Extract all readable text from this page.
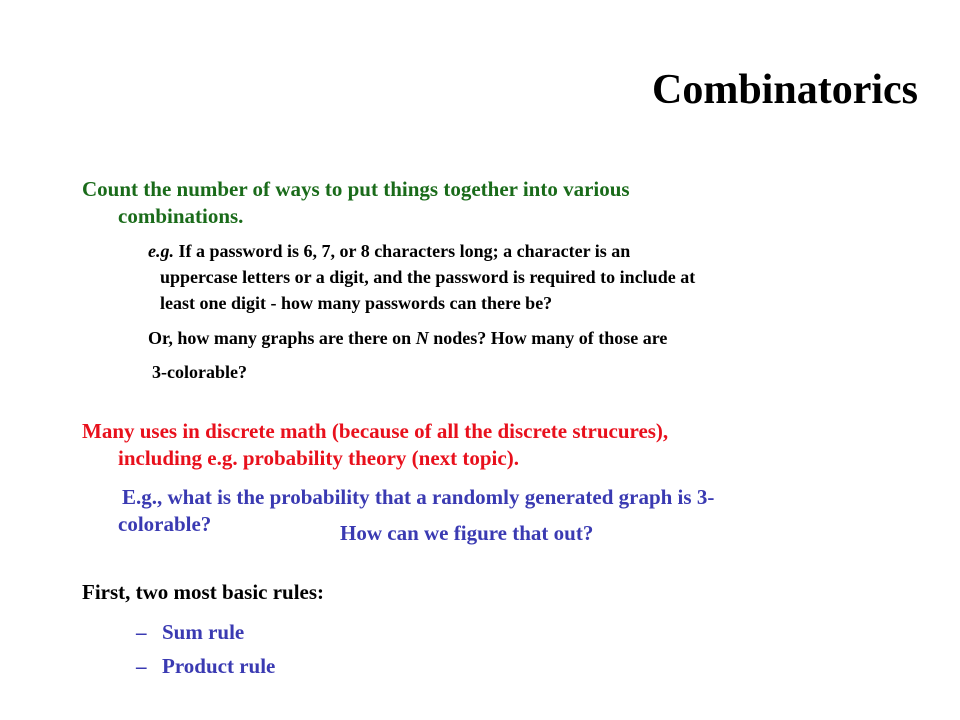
Combinatorics
Count the number of ways to put things together into various
combinations.
e.g. If a password is 6, 7, or 8 characters long; a character is an
uppercase letters or a digit, and the password is required to include at
least one digit - how many passwords can there be?
Or, how many graphs are there on N nodes? How many of those are
3-colorable?
Many uses in discrete math (because of all the discrete strucures),
including e.g. probability theory (next topic).
E.g., what is the probability that a randomly generated graph is 3-
colorable?	How can we figure that out?
First, two most basic rules:
– Sum rule
– Product rule
